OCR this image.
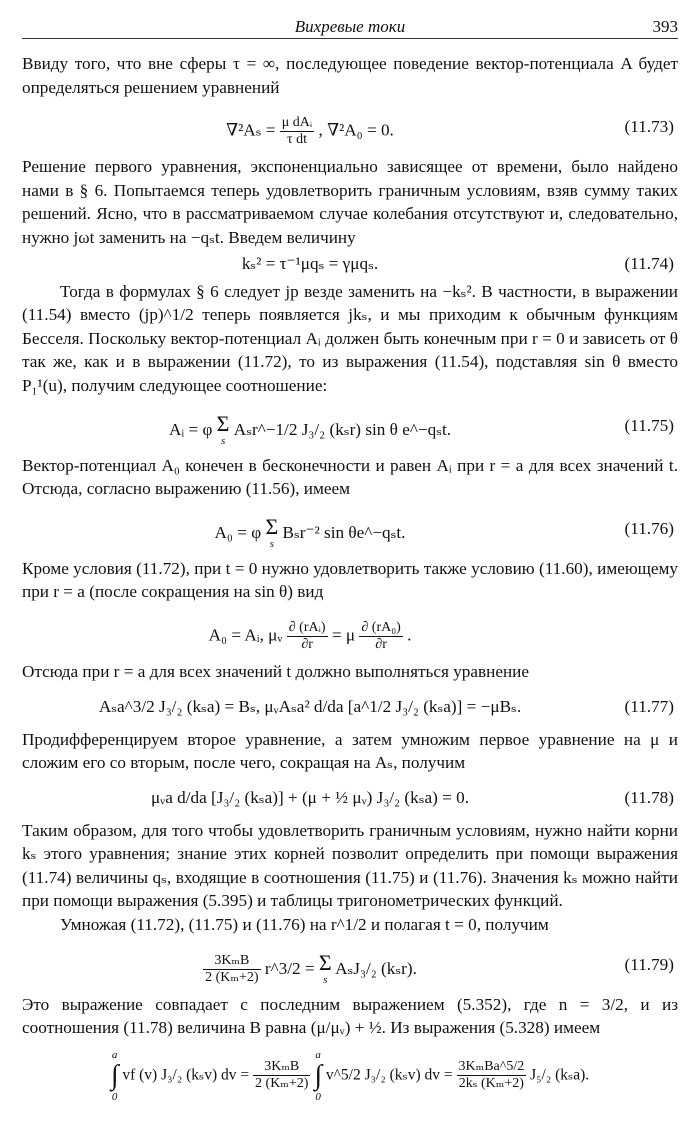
Вихревые токи	393

Ввиду того, что вне сферы τ = ∞, последующее поведение вектор-потенциала A будет определяться решением уравнений

$\nabla^2A_s = \frac{\text{μ dAᵢ}}{\text{τ dt}}$ , ∇²A₀ = 0.	(11.73)

Решение первого уравнения, экспоненциально зависящее от времени, было найдено нами в § 6. Попытаемся теперь удовлетворить граничным условиям, взяв сумму таких решений. Ясно, что в рассматриваемом случае колебания отсутствуют и, следовательно, нужно jωt заменить на −qₛt. Введем величину

kₛ² = τ⁻¹μqₛ = γμqₛ.	(11.74)

Тогда в формулах § 6 следует jp везде заменить на −kₛ². В частности, в выражении (11.54) вместо (jp)^1/2 теперь появляется jkₛ, и мы приходим к обычным функциям Бесселя. Поскольку вектор-потенциал Aᵢ должен быть конечным при r = 0 и зависеть от θ так же, как и в выражении (11.72), то из выражения (11.54), подставляя sin θ вместо P₁¹(u), получим следующее соотношение:

Aᵢ = φ Σ
s
Aₛr^−1/2 J₃/₂ (kₛr) sin θ e^−qₛt.	(11.75)

Вектор-потенциал A₀ конечен в бесконечности и равен Aᵢ при r = a для всех значений t. Отсюда, согласно выражению (11.56), имеем

A₀ = φ Σ
s
Bₛr⁻² sin θe^−qₛt.	(11.76)

Кроме условия (11.72), при t = 0 нужно удовлетворить также условию (11.60), имеющему при r = a (после сокращения на sin θ) вид

A₀ = Aᵢ, μᵥ $\frac{\text{∂ (rAᵢ)}}{\partial r} = \mu \frac{\text{∂ (rA₀)}}{\partial r}$ .

Отсюда при r = a для всех значений t должно выполняться уравнение

Aₛa^3/2 J₃/₂ (kₛa) = Bₛ, μᵥAₛa² d/da [a^1/2 J₃/₂ (kₛa)] = −μBₛ.	(11.77)

Продифференцируем второе уравнение, а затем умножим первое уравнение на μ и сложим его со вторым, после чего, сокращая на Aₛ, получим

μᵥa d/da [J₃/₂ (kₛa)] + (μ + ½ μᵥ) J₃/₂ (kₛa) = 0.	(11.78)

Таким образом, для того чтобы удовлетворить граничным условиям, нужно найти корни kₛ этого уравнения; знание этих корней позволит определить при помощи выражения (11.74) величины qₛ, входящие в соотношения (11.75) и (11.76). Значения kₛ можно найти при помощи выражения (5.395) и таблицы тригонометрических функций.

Умножая (11.72), (11.75) и (11.76) на r^1/2 и полагая t = 0, получим

$\frac{\text{3KₘB}}{\text{2 (Kₘ+2)}}$ r^3/2 = Σ
s
AₛJ₃/₂ (kₛr).	(11.79)

Это выражение совпадает с последним выражением (5.352), где n = 3/2, и из соотношения (11.78) величина B равна (μ/μᵥ) + ½. Из выражения (5.328) имеем

a
∫
0
vf (v) J₃/₂ (kₛv) dv = $\frac{\text{3KₘB}}{\text{2 (Kₘ+2)}}$

a
∫
0
v^5/2 J₃/₂ (kₛv) dv = $\frac{\text{3KₘBa\textasciicircum{}5/2}}{\text{2kₛ (Kₘ+2)}} J_5/_2$ (kₛa).
